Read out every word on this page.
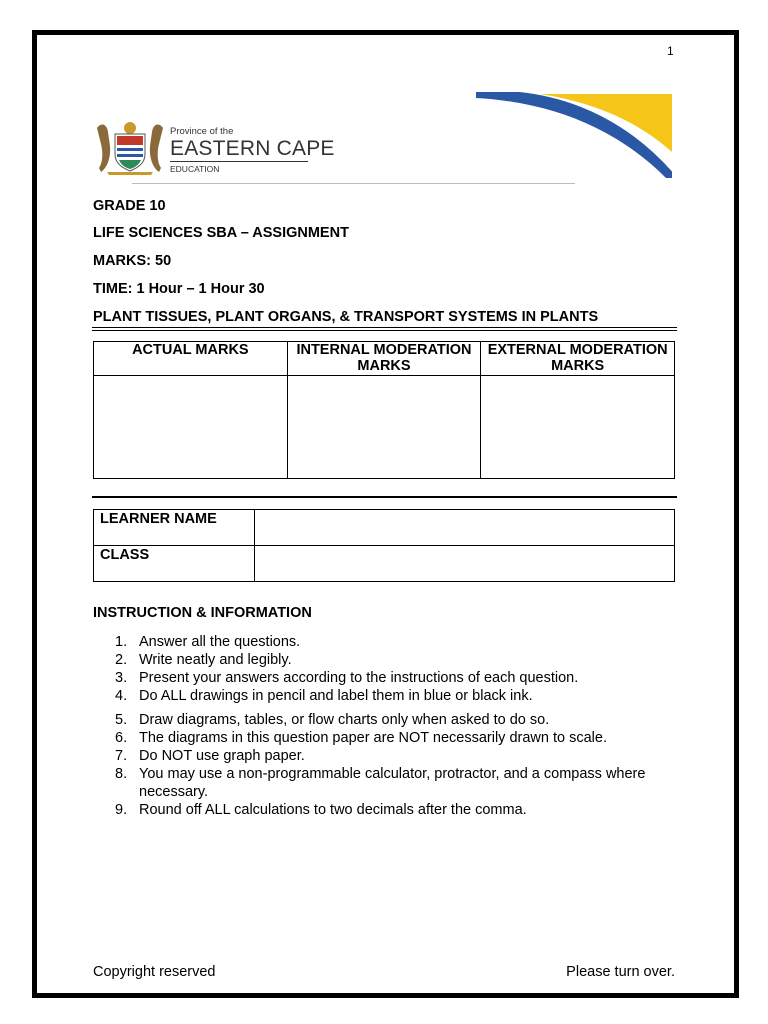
1
Province of the
EASTERN CAPE
EDUCATION
GRADE 10
LIFE SCIENCES SBA – ASSIGNMENT
MARKS: 50
TIME: 1 Hour – 1 Hour 30
PLANT TISSUES, PLANT ORGANS, & TRANSPORT SYSTEMS IN PLANTS
ACTUAL MARKS	INTERNAL MODERATION MARKS	EXTERNAL MODERATION MARKS

LEARNER NAME	
CLASS	
INSTRUCTION & INFORMATION
1. Answer all the questions.
2. Write neatly and legibly.
3. Present your answers according to the instructions of each question.
4. Do ALL drawings in pencil and label them in blue or black ink.
5. Draw diagrams, tables, or flow charts only when asked to do so.
6. The diagrams in this question paper are NOT necessarily drawn to scale.
7. Do NOT use graph paper.
8. You may use a non-programmable calculator, protractor, and a compass where necessary.
9. Round off ALL calculations to two decimals after the comma.
Copyright reserved	Please turn over.
